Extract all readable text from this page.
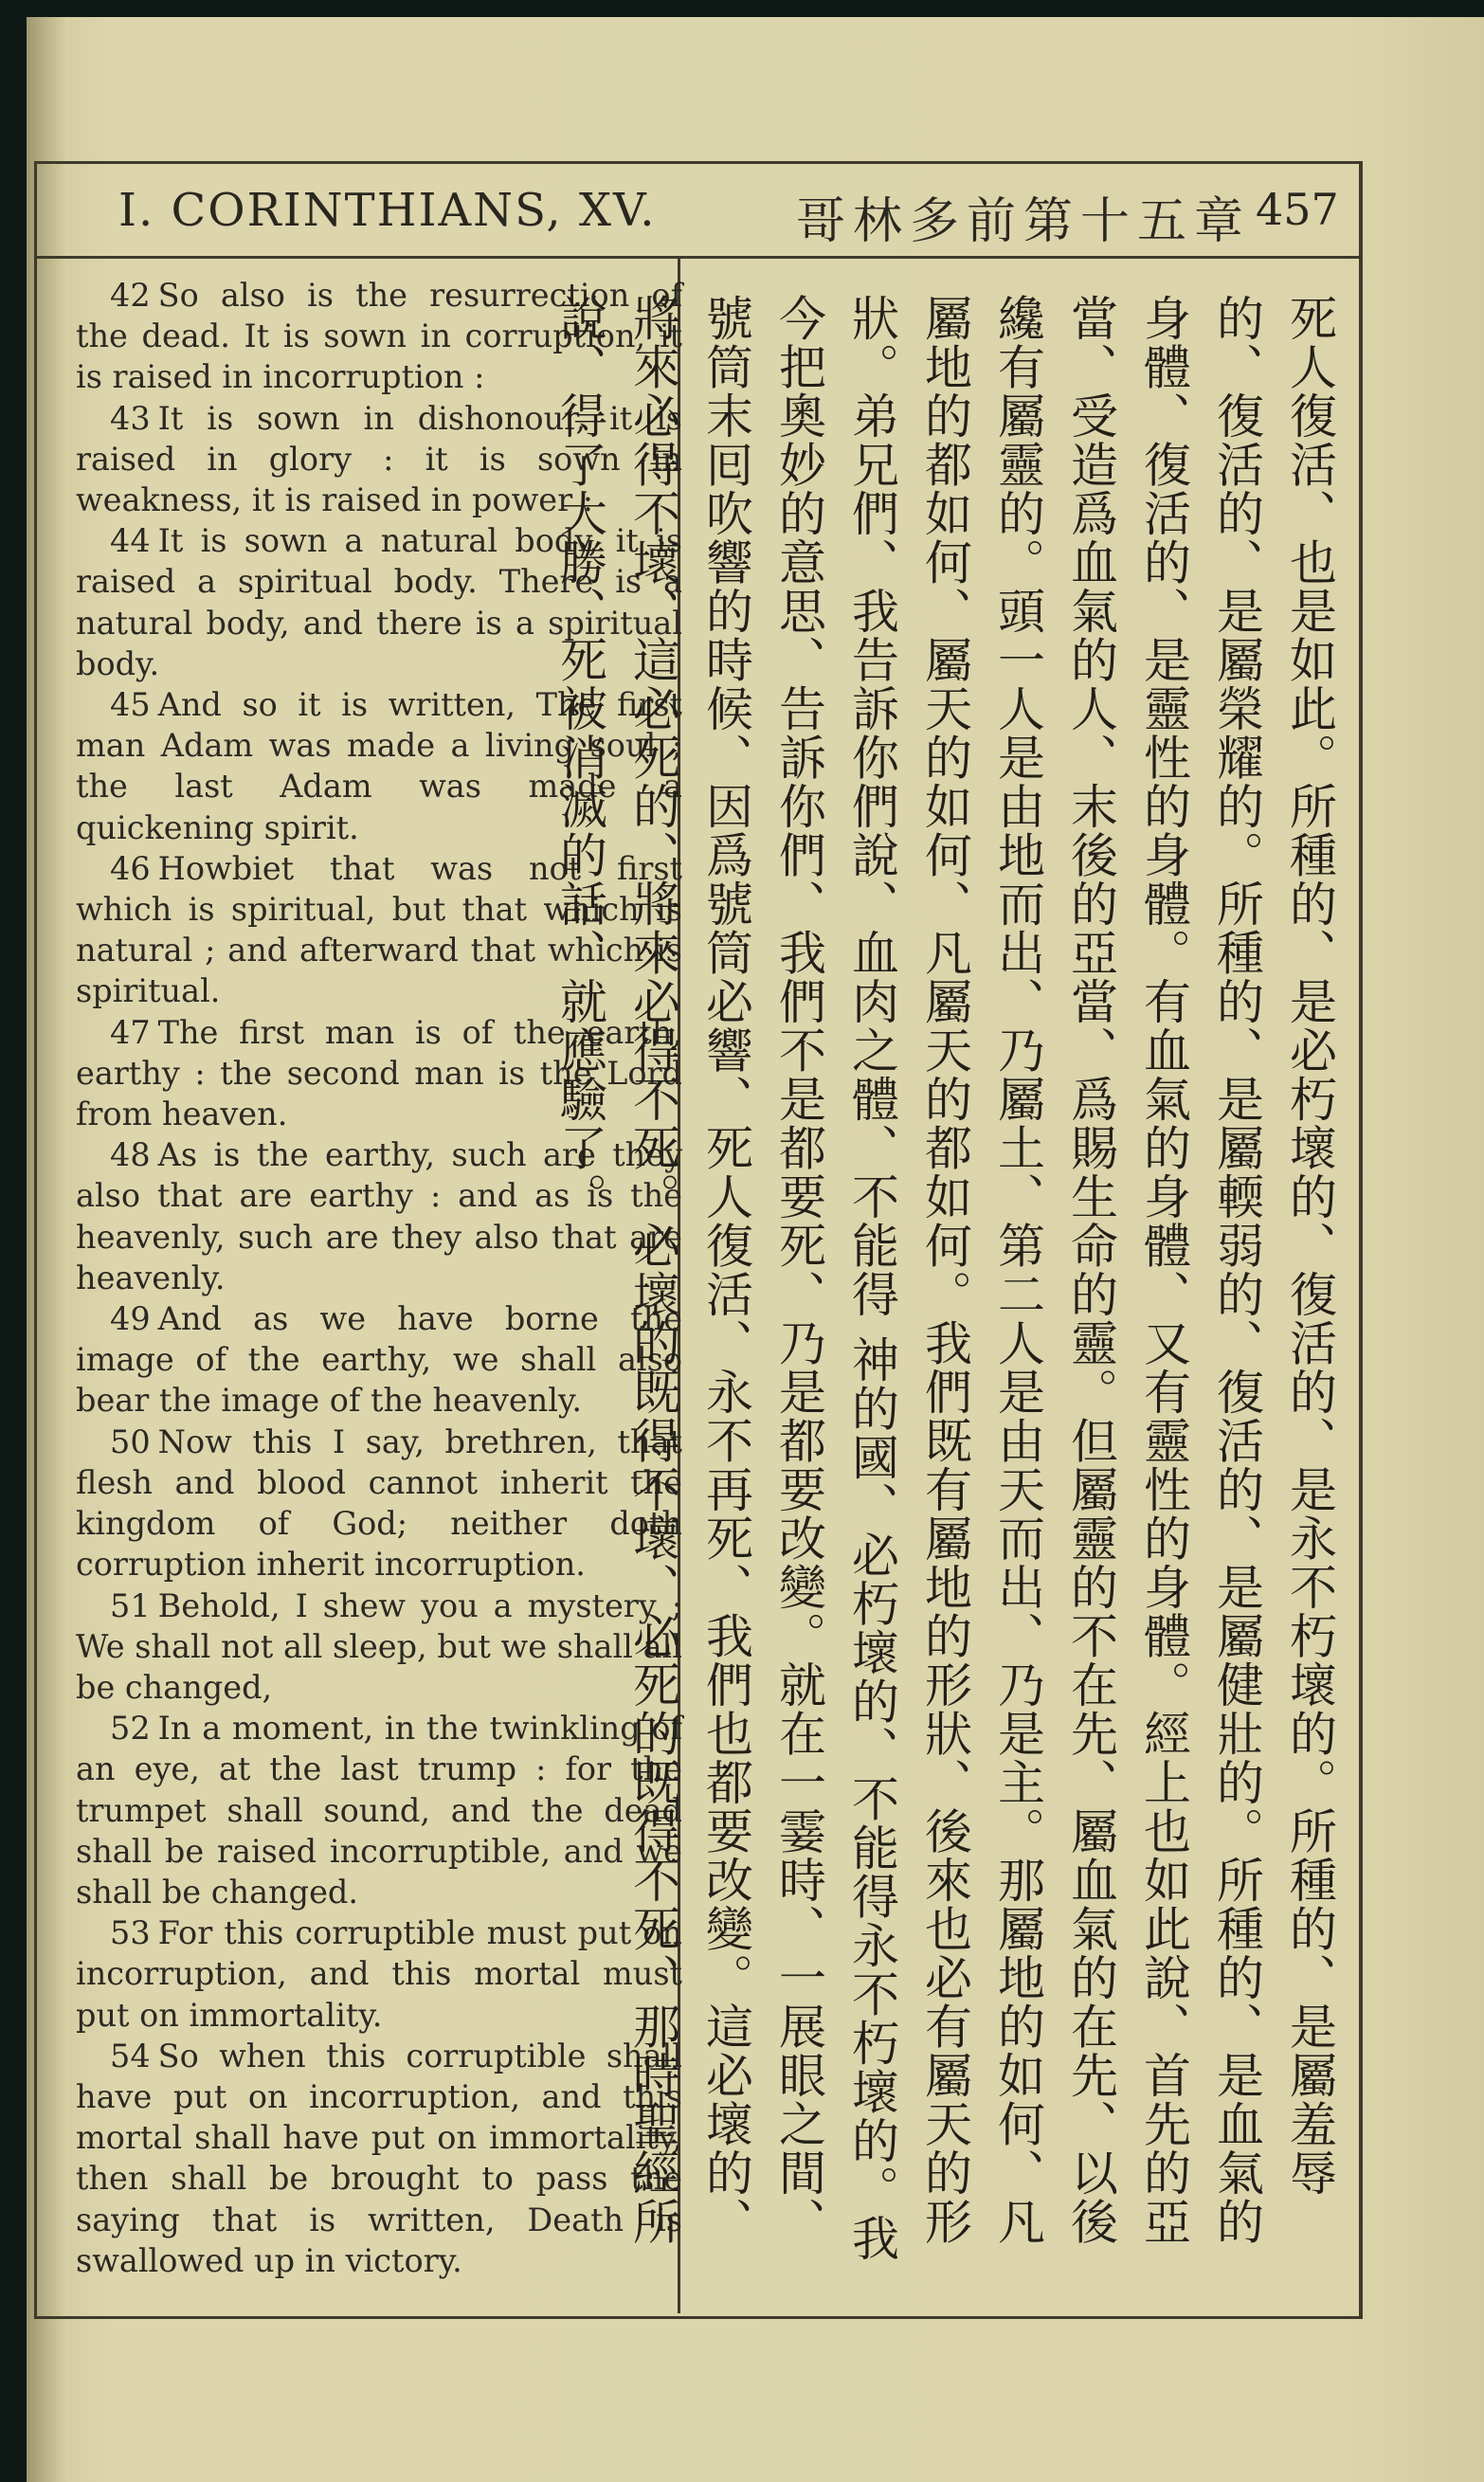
I. CORINTHIANS, XV.	哥林多前第十五章 457

42 So also is the resurrection of the dead. It is sown in corruption, it is raised in incorruption :

43 It is sown in dishonour, it is raised in glory : it is sown in weakness, it is raised in power :

44 It is sown a natural body, it is raised a spiritual body. There is a natural body, and there is a spiritual body.

45 And so it is written, The first man Adam was made a living soul ; the last Adam was made a quickening spirit.

46 Howbiet that was not first which is spiritual, but that which is natural ; and afterward that which is spiritual.

47 The first man is of the earth, earthy : the second man is the Lord from heaven.

48 As is the earthy, such are they also that are earthy : and as is the heavenly, such are they also that are heavenly.

49 And as we have borne the image of the earthy, we shall also bear the image of the heavenly.

50 Now this I say, brethren, that flesh and blood cannot inherit the kingdom of God; neither doth corruption inherit incorruption.

51 Behold, I shew you a mystery ; We shall not all sleep, but we shall all be changed,

52 In a moment, in the twinkling of an eye, at the last trump : for the trumpet shall sound, and the dead shall be raised incorruptible, and we shall be changed.

53 For this corruptible must put on incorruption, and this mortal must put on immortality.

54 So when this corruptible shall have put on incorruption, and this mortal shall have put on immortality, then shall be brought to pass the saying that is written, Death is swallowed up in victory.

死人復活、也是如此。所種的、是必朽壞的、復活的、是永不朽壞的。所種的、是屬羞辱的、復活的、是屬榮耀的。所種的、是屬輭弱的、復活的、是屬健壯的。所種的、是血氣的身體、復活的、是靈性的身體。有血氣的身體、又有靈性的身體。經上也如此說、首先的亞當、受造爲血氣的人、末後的亞當、爲賜生命的靈。但屬靈的不在先、屬血氣的在先、以後纔有屬靈的。頭一人是由地而出、乃屬土、第二人是由天而出、乃是主。那屬地的如何、凡屬地的都如何、屬天的如何、凡屬天的都如何。我們既有屬地的形狀、後來也必有屬天的形狀。弟兄們、我告訴你們說、血肉之體、不能得 神的國、必朽壞的、不能得永不朽壞的。我今把奧妙的意思、告訴你們、我們不是都要死、乃是都要改變。就在一霎時、一展眼之間、號筒末囘吹響的時候、因爲號筒必響、死人復活、永不再死、我們也都要改變。這必壞的、將來必得不壞、這必死的、將來必得不死。必壞的既得不壞、必死的既得不死、那時聖經所說、得了大勝、死被消滅的話、就應驗了。
